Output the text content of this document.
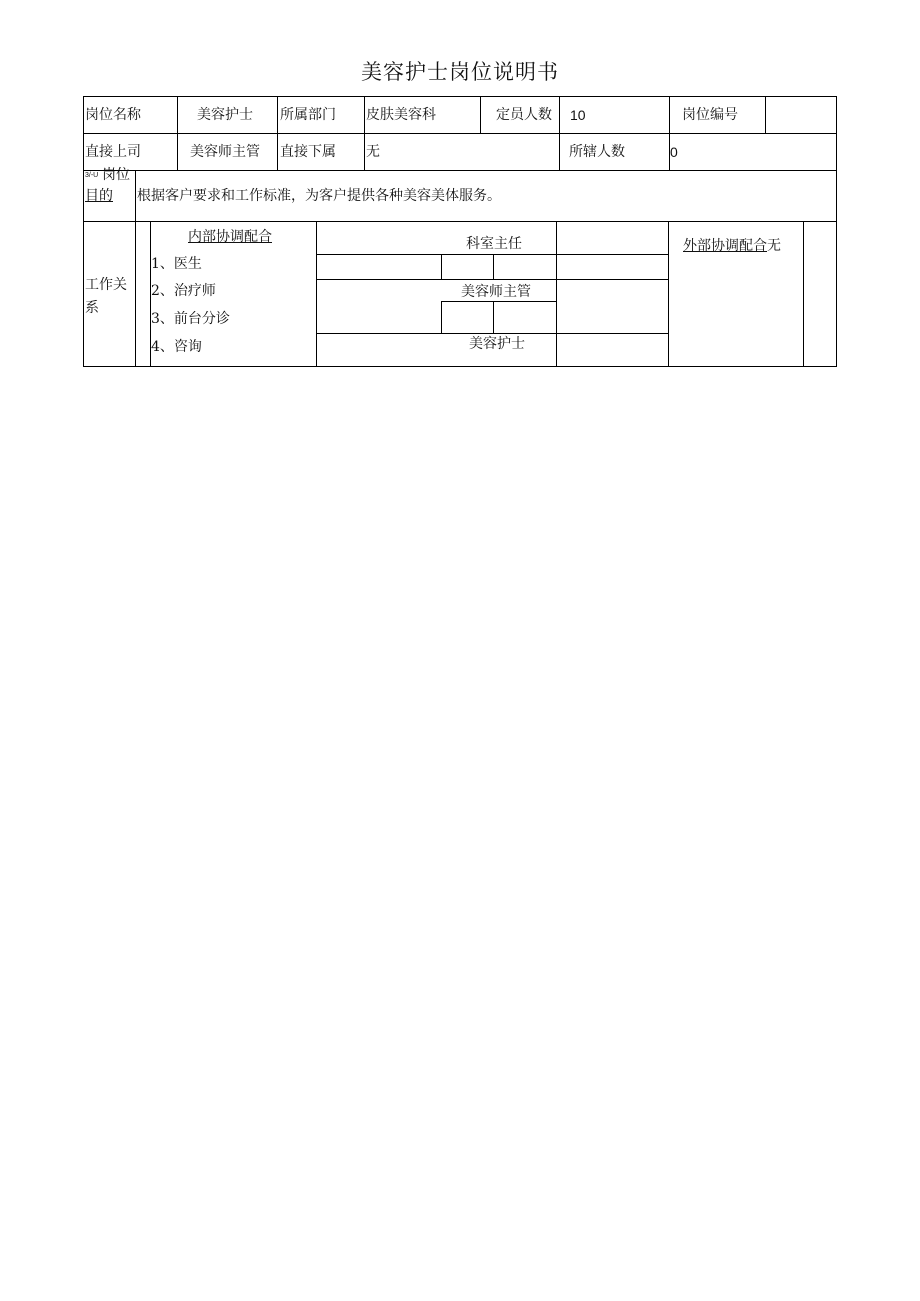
美容护士岗位说明书
岗位名称	美容护士 所属部门 皮肤美容科	定员人数 10	岗位编号
直接上司	美容师主管 直接下属 无	所辖人数	0
3/-U 岗位
目的 根据客户要求和工作标准，为客户提供各种美容美体服务。
工作关
系
内部协调配合
1、医生
2、治疗师
3、前台分诊
4、咨询
科室主任
美容师主管
美容护士
外部协调配合无
